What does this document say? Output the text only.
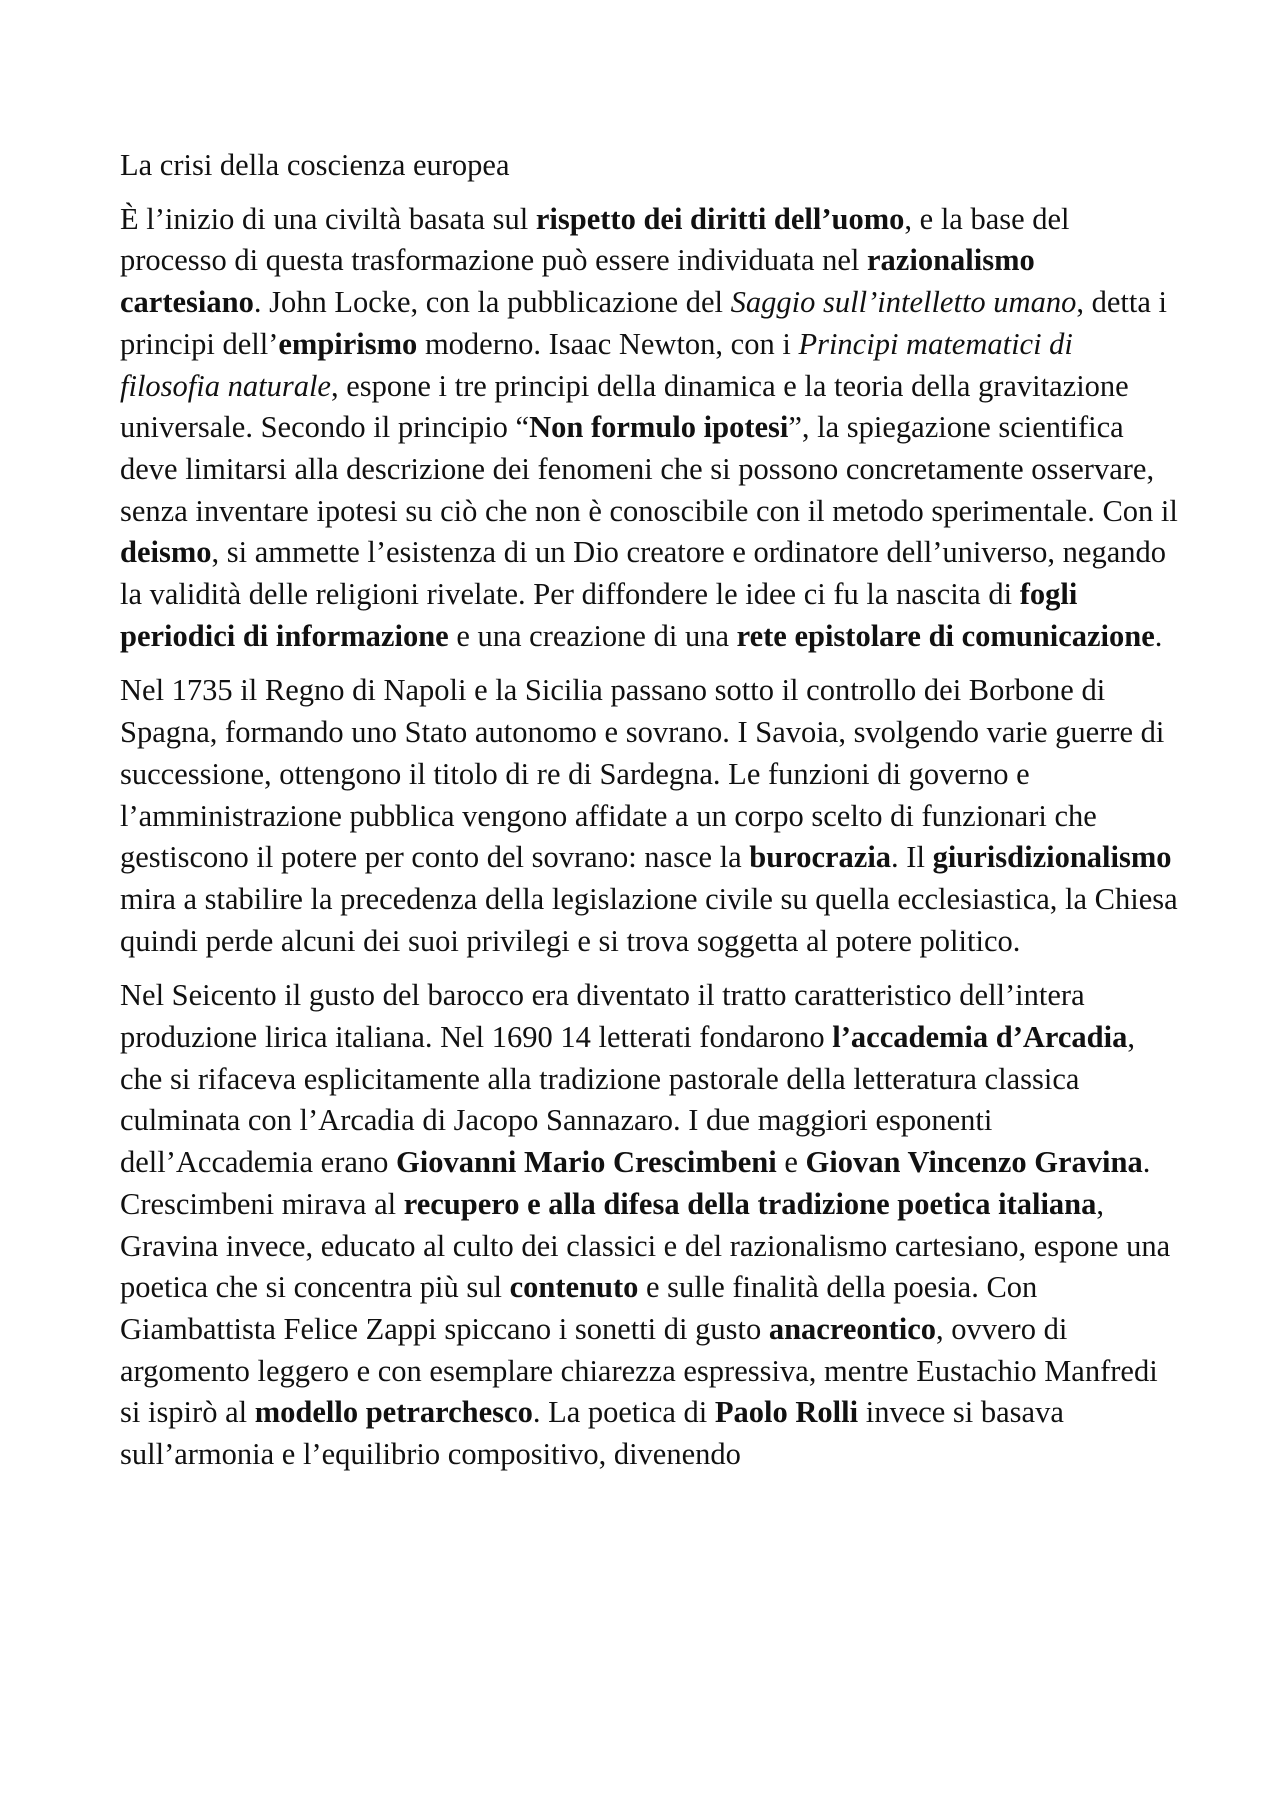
La crisi della coscienza europea

È l’inizio di una civiltà basata sul rispetto dei diritti dell’uomo, e la base del processo di questa trasformazione può essere individuata nel razionalismo cartesiano. John Locke, con la pubblicazione del Saggio sull’intelletto umano, detta i principi dell’empirismo moderno. Isaac Newton, con i Principi matematici di filosofia naturale, espone i tre principi della dinamica e la teoria della gravitazione universale. Secondo il principio “Non formulo ipotesi”, la spiegazione scientifica deve limitarsi alla descrizione dei fenomeni che si possono concretamente osservare, senza inventare ipotesi su ciò che non è conoscibile con il metodo sperimentale. Con il deismo, si ammette l’esistenza di un Dio creatore e ordinatore dell’universo, negando la validità delle religioni rivelate. Per diffondere le idee ci fu la nascita di fogli periodici di informazione e una creazione di una rete epistolare di comunicazione.

Nel 1735 il Regno di Napoli e la Sicilia passano sotto il controllo dei Borbone di Spagna, formando uno Stato autonomo e sovrano. I Savoia, svolgendo varie guerre di successione, ottengono il titolo di re di Sardegna. Le funzioni di governo e l’amministrazione pubblica vengono affidate a un corpo scelto di funzionari che gestiscono il potere per conto del sovrano: nasce la burocrazia. Il giurisdizionalismo mira a stabilire la precedenza della legislazione civile su quella ecclesiastica, la Chiesa quindi perde alcuni dei suoi privilegi e si trova soggetta al potere politico.

Nel Seicento il gusto del barocco era diventato il tratto caratteristico dell’intera produzione lirica italiana. Nel 1690 14 letterati fondarono l’accademia d’Arcadia, che si rifaceva esplicitamente alla tradizione pastorale della letteratura classica culminata con l’Arcadia di Jacopo Sannazaro. I due maggiori esponenti dell’Accademia erano Giovanni Mario Crescimbeni e Giovan Vincenzo Gravina. Crescimbeni mirava al recupero e alla difesa della tradizione poetica italiana, Gravina invece, educato al culto dei classici e del razionalismo cartesiano, espone una poetica che si concentra più sul contenuto e sulle finalità della poesia. Con Giambattista Felice Zappi spiccano i sonetti di gusto anacreontico, ovvero di argomento leggero e con esemplare chiarezza espressiva, mentre Eustachio Manfredi si ispirò al modello petrarchesco. La poetica di Paolo Rolli invece si basava sull’armonia e l’equilibrio compositivo, divenendo
